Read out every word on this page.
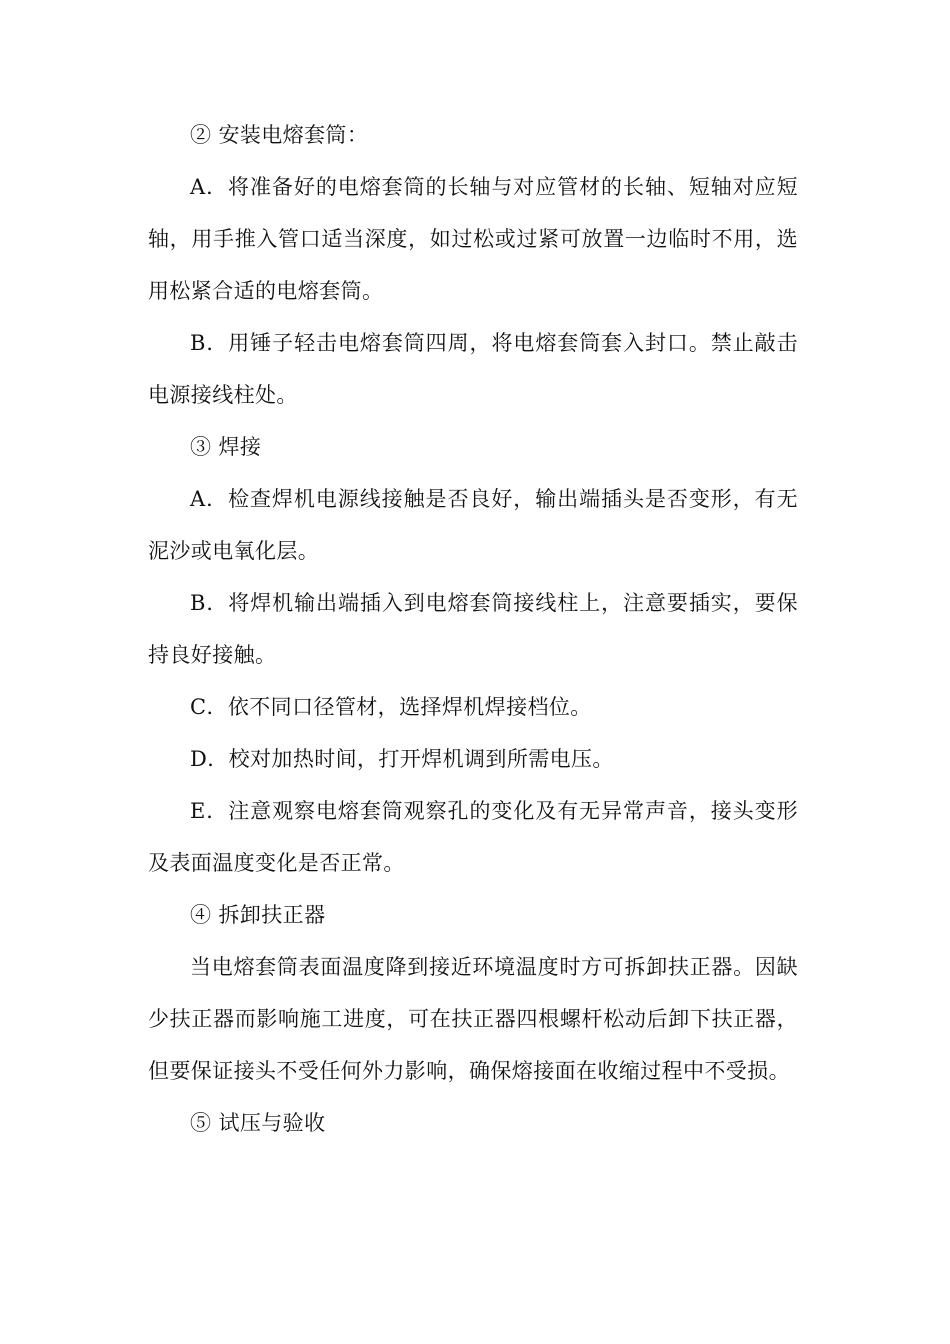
② 安装电熔套筒：

A．将准备好的电熔套筒的长轴与对应管材的长轴、短轴对应短轴，用手推入管口适当深度，如过松或过紧可放置一边临时不用，选用松紧合适的电熔套筒。

B．用锤子轻击电熔套筒四周，将电熔套筒套入封口。禁止敲击电源接线柱处。

③ 焊接

A．检查焊机电源线接触是否良好，输出端插头是否变形，有无泥沙或电氧化层。

B．将焊机输出端插入到电熔套筒接线柱上，注意要插实，要保持良好接触。

C．依不同口径管材，选择焊机焊接档位。

D．校对加热时间，打开焊机调到所需电压。

E．注意观察电熔套筒观察孔的变化及有无异常声音，接头变形及表面温度变化是否正常。

④ 拆卸扶正器

当电熔套筒表面温度降到接近环境温度时方可拆卸扶正器。因缺少扶正器而影响施工进度，可在扶正器四根螺杆松动后卸下扶正器，但要保证接头不受任何外力影响，确保熔接面在收缩过程中不受损。

⑤ 试压与验收
